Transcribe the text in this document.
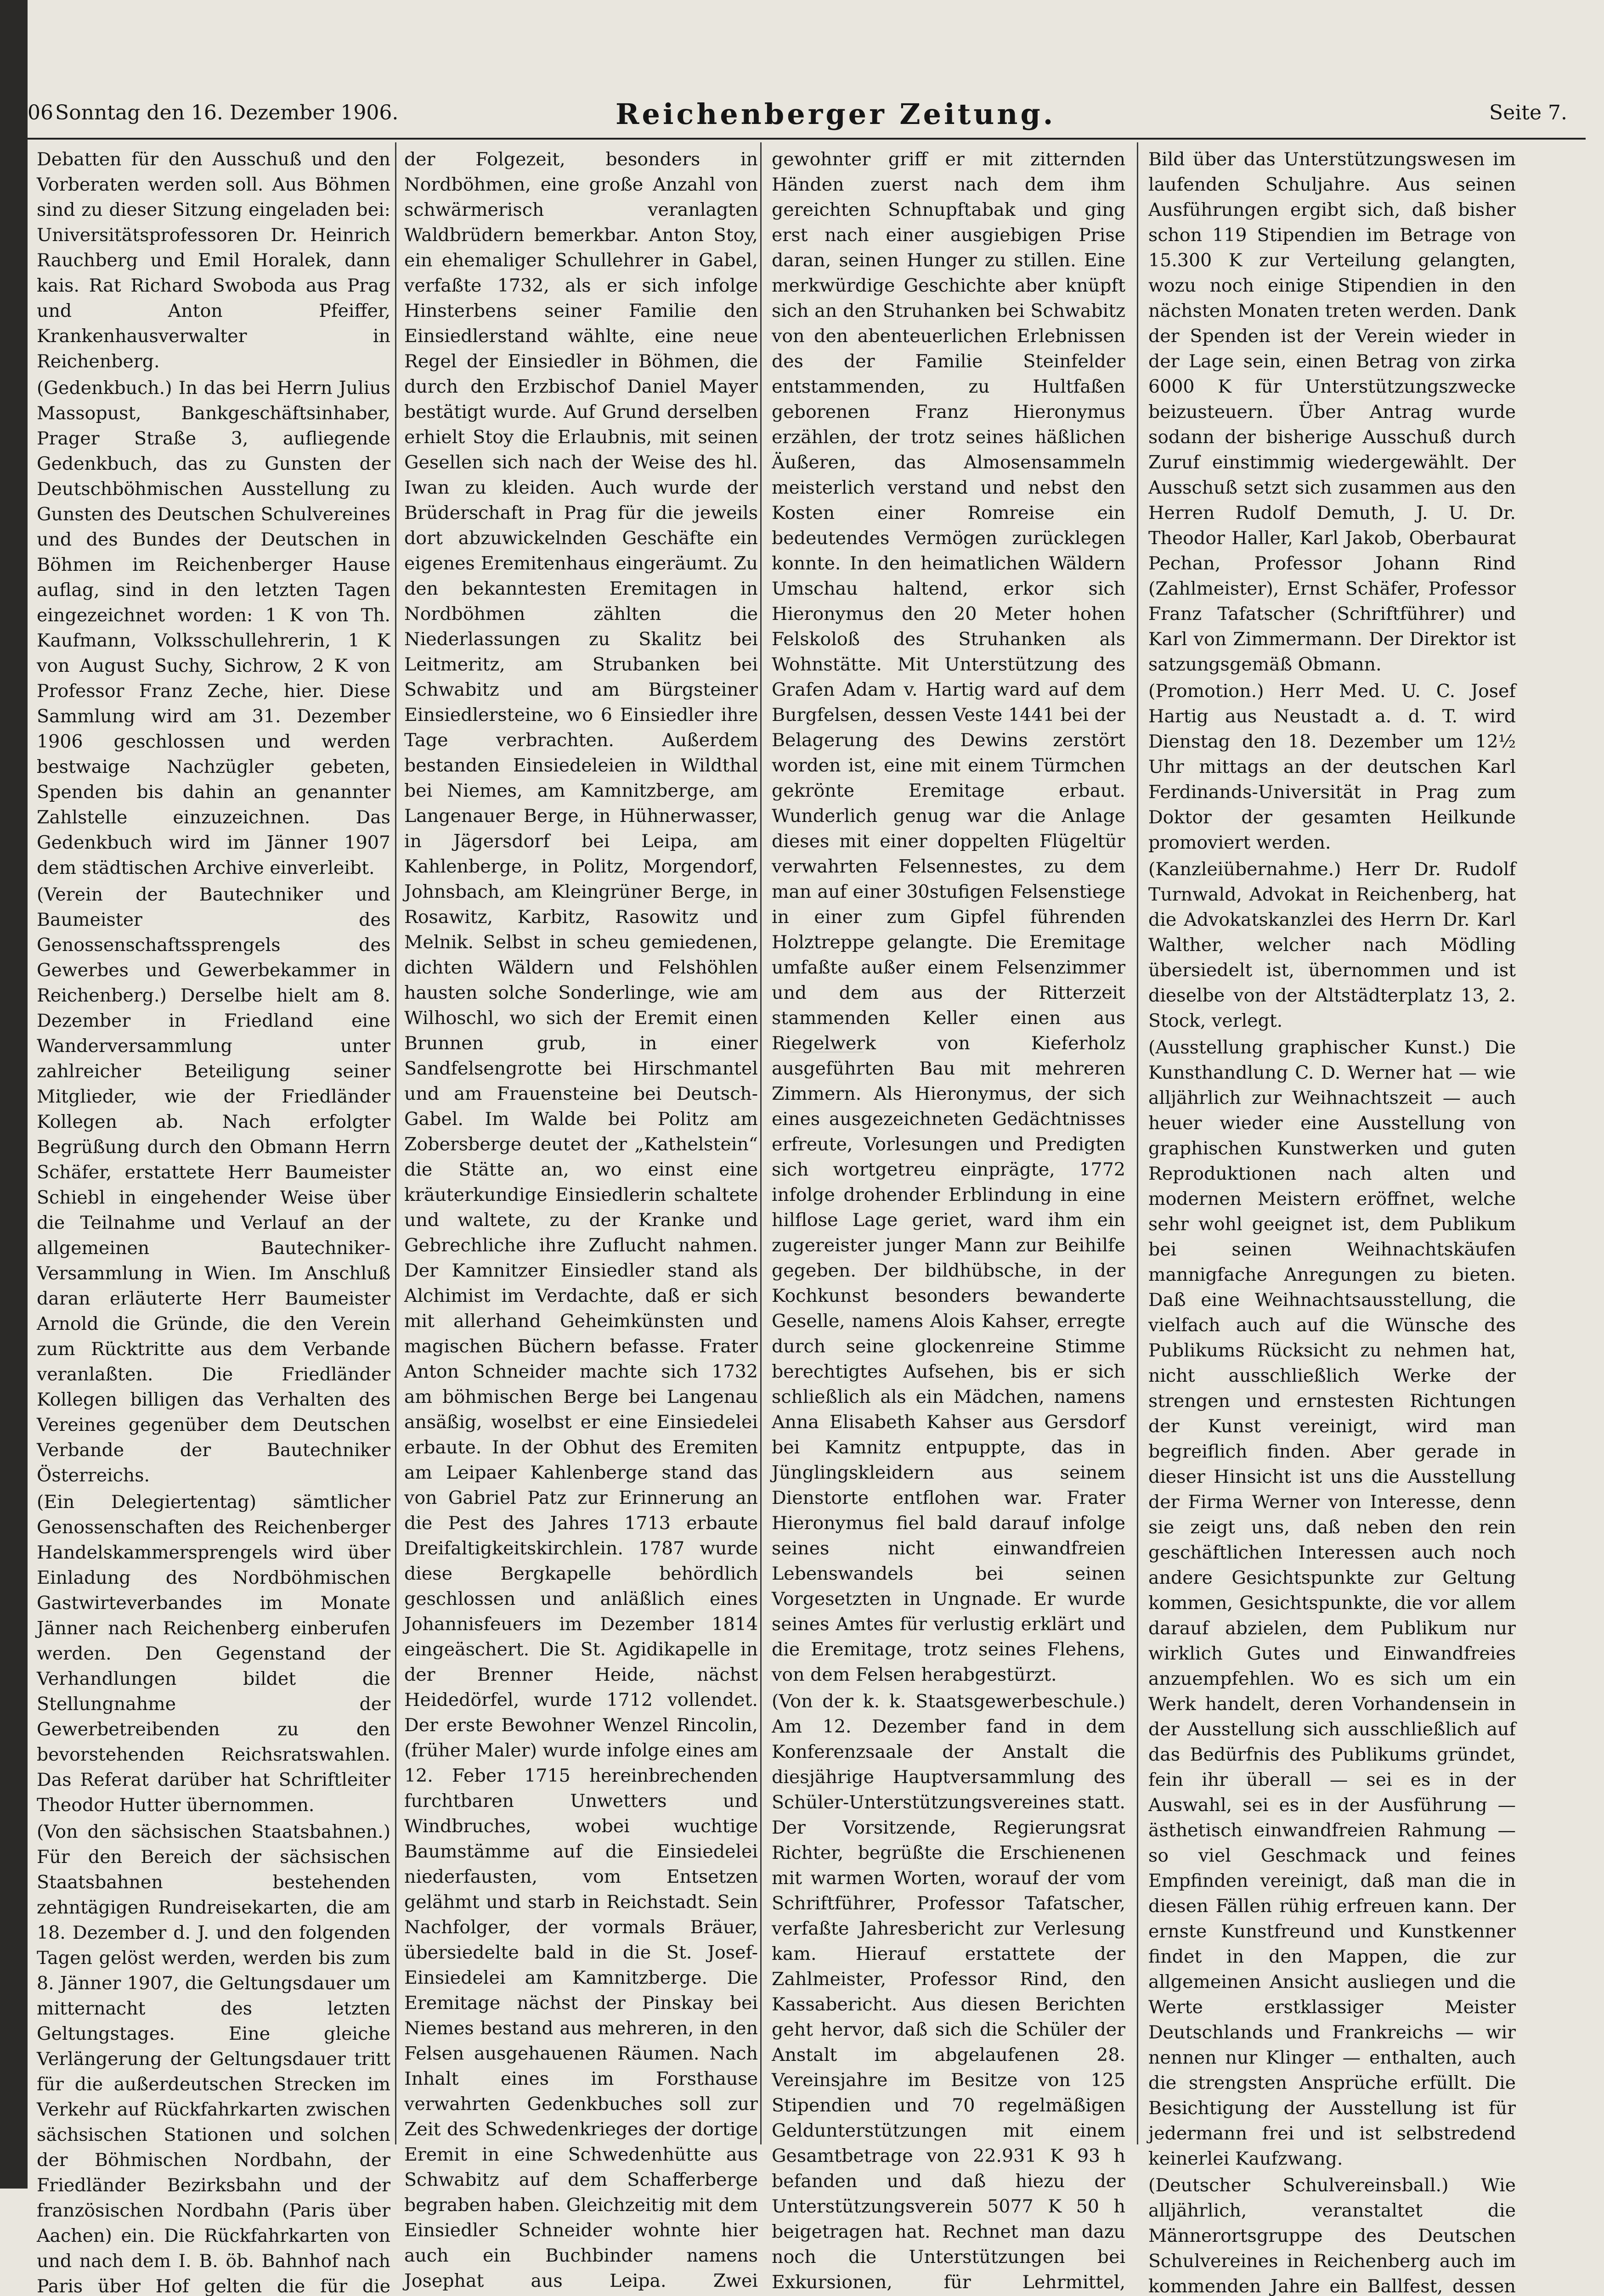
06 Sonntag den 16. Dezember 1906.	Reichenberger Zeitung.	Seite 7.

Debatten für den Ausschuß und den Vorberaten werden soll. Aus Böhmen sind zu dieser Sitzung eingeladen bei: Universitätsprofessoren Dr. Heinrich Rauchberg und Emil Horalek, dann kais. Rat Richard Swoboda aus Prag und Anton Pfeiffer, Krankenhausverwalter in Reichenberg.

(Gedenkbuch.) In das bei Herrn Julius Massopust, Bankgeschäftsinhaber, Prager Straße 3, aufliegende Gedenkbuch, das zu Gunsten der Deutschböhmischen Ausstellung zu Gunsten des Deutschen Schulvereines und des Bundes der Deutschen in Böhmen im Reichenberger Hause auflag, sind in den letzten Tagen eingezeichnet worden: 1 K von Th. Kaufmann, Volksschullehrerin, 1 K von August Suchy, Sichrow, 2 K von Professor Franz Zeche, hier. Diese Sammlung wird am 31. Dezember 1906 geschlossen und werden bestwaige Nachzügler gebeten, Spenden bis dahin an genannter Zahlstelle einzuzeichnen. Das Gedenkbuch wird im Jänner 1907 dem städtischen Archive einverleibt.

(Verein der Bautechniker und Baumeister des Genossenschaftssprengels des Gewerbes und Gewerbekammer in Reichenberg.) Derselbe hielt am 8. Dezember in Friedland eine Wanderversammlung unter zahlreicher Beteiligung seiner Mitglieder, wie der Friedländer Kollegen ab. Nach erfolgter Begrüßung durch den Obmann Herrn Schäfer, erstattete Herr Baumeister Schiebl in eingehender Weise über die Teilnahme und Verlauf an der allgemeinen Bautechniker-Versammlung in Wien. Im Anschluß daran erläuterte Herr Baumeister Arnold die Gründe, die den Verein zum Rücktritte aus dem Verbande veranlaßten. Die Friedländer Kollegen billigen das Verhalten des Vereines gegenüber dem Deutschen Verbande der Bautechniker Österreichs.

(Ein Delegiertentag) sämtlicher Genossenschaften des Reichenberger Handelskammersprengels wird über Einladung des Nordböhmischen Gastwirteverbandes im Monate Jänner nach Reichenberg einberufen werden. Den Gegenstand der Verhandlungen bildet die Stellungnahme der Gewerbetreibenden zu den bevorstehenden Reichsratswahlen. Das Referat darüber hat Schriftleiter Theodor Hutter übernommen.

(Von den sächsischen Staatsbahnen.) Für den Bereich der sächsischen Staatsbahnen bestehenden zehntägigen Rundreisekarten, die am 18. Dezember d. J. und den folgenden Tagen gelöst werden, werden bis zum 8. Jänner 1907, die Geltungsdauer um mitternacht des letzten Geltungstages. Eine gleiche Verlängerung der Geltungsdauer tritt für die außerdeutschen Strecken im Verkehr auf Rückfahrkarten zwischen sächsischen Stationen und solchen der Böhmischen Nordbahn, der Friedländer Bezirksbahn und der französischen Nordbahn (Paris über Aachen) ein. Die Rückfahrkarten von und nach dem I. B. öb. Bahnhof nach Paris über Hof gelten die für die

der Folgezeit, besonders in Nordböhmen, eine große Anzahl von schwärmerisch veranlagten Waldbrüdern bemerkbar. Anton Stoy, ein ehemaliger Schullehrer in Gabel, verfaßte 1732, als er sich infolge Hinsterbens seiner Familie den Einsiedlerstand wählte, eine neue Regel der Einsiedler in Böhmen, die durch den Erzbischof Daniel Mayer bestätigt wurde. Auf Grund derselben erhielt Stoy die Erlaubnis, mit seinen Gesellen sich nach der Weise des hl. Iwan zu kleiden. Auch wurde der Brüderschaft in Prag für die jeweils dort abzuwickelnden Geschäfte ein eigenes Eremitenhaus eingeräumt. Zu den bekanntesten Eremitagen in Nordböhmen zählten die Niederlassungen zu Skalitz bei Leitmeritz, am Strubanken bei Schwabitz und am Bürgsteiner Einsiedlersteine, wo 6 Einsiedler ihre Tage verbrachten. Außerdem bestanden Einsiedeleien in Wildthal bei Niemes, am Kamnitzberge, am Langenauer Berge, in Hühnerwasser, in Jägersdorf bei Leipa, am Kahlenberge, in Politz, Morgendorf, Johnsbach, am Kleingrüner Berge, in Rosawitz, Karbitz, Rasowitz und Melnik. Selbst in scheu gemiedenen, dichten Wäldern und Felshöhlen hausten solche Sonderlinge, wie am Wilhoschl, wo sich der Eremit einen Brunnen grub, in einer Sandfelsengrotte bei Hirschmantel und am Frauensteine bei Deutsch-Gabel. Im Walde bei Politz am Zobersberge deutet der „Kathelstein“ die Stätte an, wo einst eine kräuterkundige Einsiedlerin schaltete und waltete, zu der Kranke und Gebrechliche ihre Zuflucht nahmen. Der Kamnitzer Einsiedler stand als Alchimist im Verdachte, daß er sich mit allerhand Geheimkünsten und magischen Büchern befasse. Frater Anton Schneider machte sich 1732 am böhmischen Berge bei Langenau ansäßig, woselbst er eine Einsiedelei erbaute. In der Obhut des Eremiten am Leipaer Kahlenberge stand das von Gabriel Patz zur Erinnerung an die Pest des Jahres 1713 erbaute Dreifaltigkeitskirchlein. 1787 wurde diese Bergkapelle behördlich geschlossen und anläßlich eines Johannisfeuers im Dezember 1814 eingeäschert. Die St. Agidikapelle in der Brenner Heide, nächst Heidedörfel, wurde 1712 vollendet. Der erste Bewohner Wenzel Rincolin, (früher Maler) wurde infolge eines am 12. Feber 1715 hereinbrechenden furchtbaren Unwetters und Windbruches, wobei wuchtige Baumstämme auf die Einsiedelei niederfausten, vom Entsetzen gelähmt und starb in Reichstadt. Sein Nachfolger, der vormals Bräuer, übersiedelte bald in die St. Josef-Einsiedelei am Kamnitzberge. Die Eremitage nächst der Pinskay bei Niemes bestand aus mehreren, in den Felsen ausgehauenen Räumen. Nach Inhalt eines im Forsthause verwahrten Gedenkbuches soll zur Zeit des Schwedenkrieges der dortige Eremit in eine Schwedenhütte aus Schwabitz auf dem Schafferberge begraben haben. Gleichzeitig mit dem Einsiedler Schneider wohnte hier auch ein Buchbinder namens Josephat aus Leipa. Zwei

gewohnter griff er mit zitternden Händen zuerst nach dem ihm gereichten Schnupftabak und ging erst nach einer ausgiebigen Prise daran, seinen Hunger zu stillen. Eine merkwürdige Geschichte aber knüpft sich an den Struhanken bei Schwabitz von den abenteuerlichen Erlebnissen des der Familie Steinfelder entstammenden, zu Hultfaßen geborenen Franz Hieronymus erzählen, der trotz seines häßlichen Äußeren, das Almosensammeln meisterlich verstand und nebst den Kosten einer Romreise ein bedeutendes Vermögen zurücklegen konnte. In den heimatlichen Wäldern Umschau haltend, erkor sich Hieronymus den 20 Meter hohen Felskoloß des Struhanken als Wohnstätte. Mit Unterstützung des Grafen Adam v. Hartig ward auf dem Burgfelsen, dessen Veste 1441 bei der Belagerung des Dewins zerstört worden ist, eine mit einem Türmchen gekrönte Eremitage erbaut. Wunderlich genug war die Anlage dieses mit einer doppelten Flügeltür verwahrten Felsennestes, zu dem man auf einer 30stufigen Felsenstiege in einer zum Gipfel führenden Holztreppe gelangte. Die Eremitage umfaßte außer einem Felsenzimmer und dem aus der Ritterzeit stammenden Keller einen aus Riegelwerk von Kieferholz ausgeführten Bau mit mehreren Zimmern. Als Hieronymus, der sich eines ausgezeichneten Gedächtnisses erfreute, Vorlesungen und Predigten sich wortgetreu einprägte, 1772 infolge drohender Erblindung in eine hilflose Lage geriet, ward ihm ein zugereister junger Mann zur Beihilfe gegeben. Der bildhübsche, in der Kochkunst besonders bewanderte Geselle, namens Alois Kahser, erregte durch seine glockenreine Stimme berechtigtes Aufsehen, bis er sich schließlich als ein Mädchen, namens Anna Elisabeth Kahser aus Gersdorf bei Kamnitz entpuppte, das in Jünglingskleidern aus seinem Dienstorte entflohen war. Frater Hieronymus fiel bald darauf infolge seines nicht einwandfreien Lebenswandels bei seinen Vorgesetzten in Ungnade. Er wurde seines Amtes für verlustig erklärt und die Eremitage, trotz seines Flehens, von dem Felsen herabgestürzt.

(Von der k. k. Staatsgewerbeschule.) Am 12. Dezember fand in dem Konferenzsaale der Anstalt die diesjährige Hauptversammlung des Schüler-Unterstützungsvereines statt. Der Vorsitzende, Regierungsrat Richter, begrüßte die Erschienenen mit warmen Worten, worauf der vom Schriftführer, Professor Tafatscher, verfaßte Jahresbericht zur Verlesung kam. Hierauf erstattete der Zahlmeister, Professor Rind, den Kassabericht. Aus diesen Berichten geht hervor, daß sich die Schüler der Anstalt im abgelaufenen 28. Vereinsjahre im Besitze von 125 Stipendien und 70 regelmäßigen Geldunterstützungen mit einem Gesamtbetrage von 22.931 K 93 h befanden und daß hiezu der Unterstützungsverein 5077 K 50 h beigetragen hat. Rechnet man dazu noch die Unterstützungen bei Exkursionen, für Lehrmittel,

Bild über das Unterstützungswesen im laufenden Schuljahre. Aus seinen Ausführungen ergibt sich, daß bisher schon 119 Stipendien im Betrage von 15.300 K zur Verteilung gelangten, wozu noch einige Stipendien in den nächsten Monaten treten werden. Dank der Spenden ist der Verein wieder in der Lage sein, einen Betrag von zirka 6000 K für Unterstützungszwecke beizusteuern. Über Antrag wurde sodann der bisherige Ausschuß durch Zuruf einstimmig wiedergewählt. Der Ausschuß setzt sich zusammen aus den Herren Rudolf Demuth, J. U. Dr. Theodor Haller, Karl Jakob, Oberbaurat Pechan, Professor Johann Rind (Zahlmeister), Ernst Schäfer, Professor Franz Tafatscher (Schriftführer) und Karl von Zimmermann. Der Direktor ist satzungsgemäß Obmann.

(Promotion.) Herr Med. U. C. Josef Hartig aus Neustadt a. d. T. wird Dienstag den 18. Dezember um 12½ Uhr mittags an der deutschen Karl Ferdinands-Universität in Prag zum Doktor der gesamten Heilkunde promoviert werden.

(Kanzleiübernahme.) Herr Dr. Rudolf Turnwald, Advokat in Reichenberg, hat die Advokatskanzlei des Herrn Dr. Karl Walther, welcher nach Mödling übersiedelt ist, übernommen und ist dieselbe von der Altstädterplatz 13, 2. Stock, verlegt.

(Ausstellung graphischer Kunst.) Die Kunsthandlung C. D. Werner hat — wie alljährlich zur Weihnachtszeit — auch heuer wieder eine Ausstellung von graphischen Kunstwerken und guten Reproduktionen nach alten und modernen Meistern eröffnet, welche sehr wohl geeignet ist, dem Publikum bei seinen Weihnachtskäufen mannigfache Anregungen zu bieten. Daß eine Weihnachtsausstellung, die vielfach auch auf die Wünsche des Publikums Rücksicht zu nehmen hat, nicht ausschließlich Werke der strengen und ernstesten Richtungen der Kunst vereinigt, wird man begreiflich finden. Aber gerade in dieser Hinsicht ist uns die Ausstellung der Firma Werner von Interesse, denn sie zeigt uns, daß neben den rein geschäftlichen Interessen auch noch andere Gesichtspunkte zur Geltung kommen, Gesichtspunkte, die vor allem darauf abzielen, dem Publikum nur wirklich Gutes und Einwandfreies anzuempfehlen. Wo es sich um ein Werk handelt, deren Vorhandensein in der Ausstellung sich ausschließlich auf das Bedürfnis des Publikums gründet, fein ihr überall — sei es in der Auswahl, sei es in der Ausführung — ästhetisch einwandfreien Rahmung — so viel Geschmack und feines Empfinden vereinigt, daß man die in diesen Fällen rühig erfreuen kann. Der ernste Kunstfreund und Kunstkenner findet in den Mappen, die zur allgemeinen Ansicht ausliegen und die Werte erstklassiger Meister Deutschlands und Frankreichs — wir nennen nur Klinger — enthalten, auch die strengsten Ansprüche erfüllt. Die Besichtigung der Ausstellung ist für jedermann frei und ist selbstredend keinerlei Kaufzwang.

(Deutscher Schulvereinsball.) Wie alljährlich, veranstaltet die Männerortsgruppe des Deutschen Schulvereines in Reichenberg auch im kommenden Jahre ein Ballfest, dessen
